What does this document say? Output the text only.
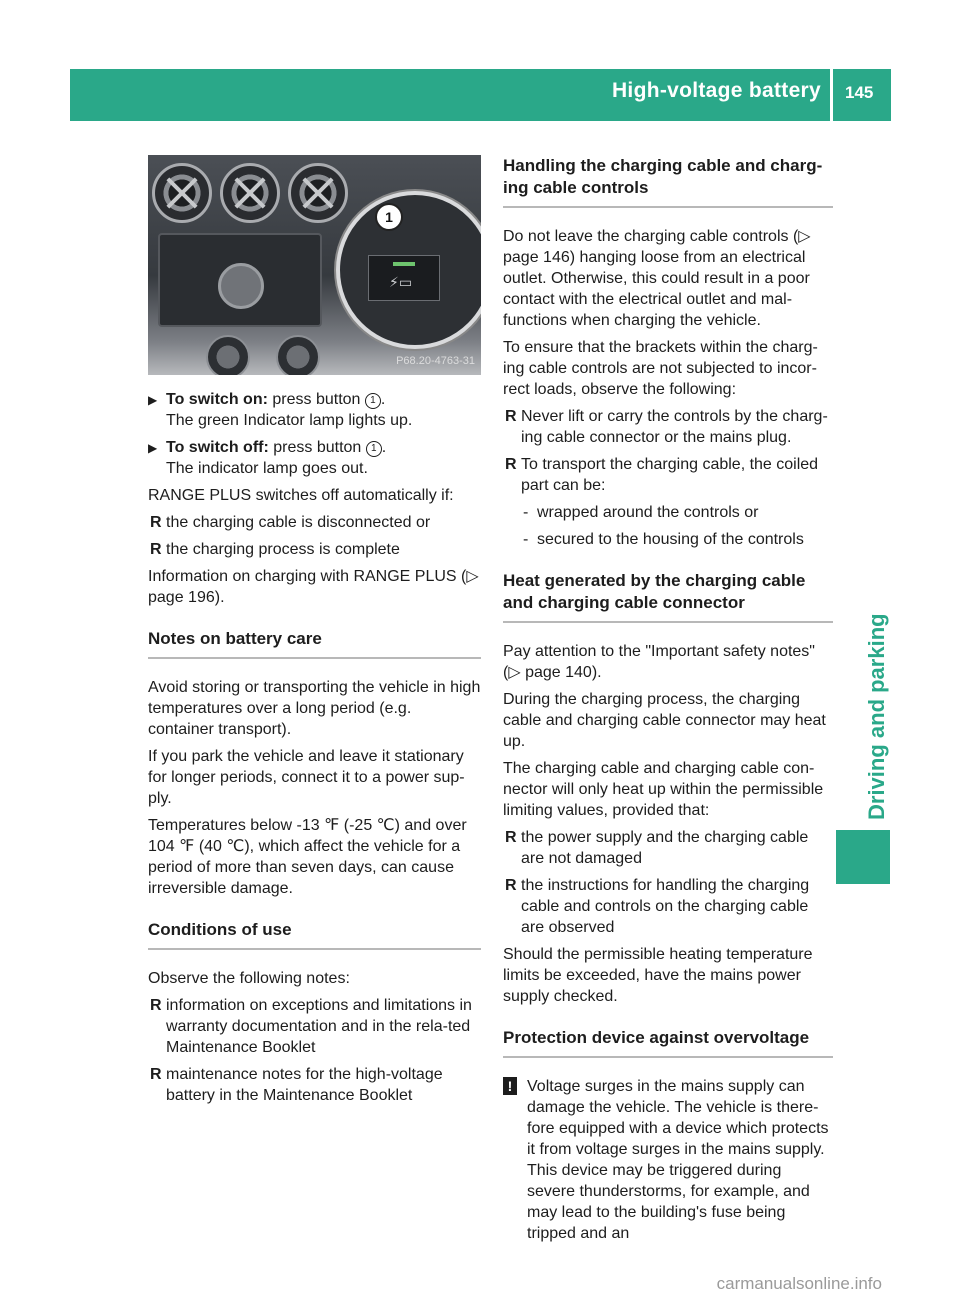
High-voltage battery 145
Driving and parking
⚡▭
1
P68.20-4763-31
▶ To switch on: press button 1 .
The green Indicator lamp lights up.
▶ To switch off: press button 1 .
The indicator lamp goes out.

RANGE PLUS switches off automatically if:

R the charging cable is disconnected or
R the charging process is complete

Information on charging with RANGE PLUS (▷ page 196).

Notes on battery care

Avoid storing or transporting the vehicle in high temperatures over a long period (e.g. container transport).

If you park the vehicle and leave it stationary for longer periods, connect it to a power sup-ply.

Temperatures below -13 ℉ (-25 ℃) and over 104 ℉ (40 ℃), which affect the vehicle for a period of more than seven days, can cause irreversible damage.

Conditions of use

Observe the following notes:

R information on exceptions and limitations in warranty documentation and in the rela-ted Maintenance Booklet
R maintenance notes for the high-voltage battery in the Maintenance Booklet
Handling the charging cable and charg-ing cable controls

Do not leave the charging cable controls (▷ page 146) hanging loose from an electrical outlet. Otherwise, this could result in a poor contact with the electrical outlet and mal-functions when charging the vehicle.

To ensure that the brackets within the charg-ing cable controls are not subjected to incor-rect loads, observe the following:

R Never lift or carry the controls by the charg-ing cable connector or the mains plug.
R To transport the charging cable, the coiled part can be:
- wrapped around the controls or
- secured to the housing of the controls
Heat generated by the charging cable and charging cable connector

Pay attention to the "Important safety notes" (▷ page 140).

During the charging process, the charging cable and charging cable connector may heat up.

The charging cable and charging cable con-nector will only heat up within the permissible limiting values, provided that:

R the power supply and the charging cable are not damaged
R the instructions for handling the charging cable and controls on the charging cable are observed

Should the permissible heating temperature limits be exceeded, have the mains power supply checked.

Protection device against overvoltage
! Voltage surges in the mains supply can damage the vehicle. The vehicle is there-fore equipped with a device which protects it from voltage surges in the mains supply. This device may be triggered during severe thunderstorms, for example, and may lead to the building's fuse being tripped and an
carmanualsonline.info
